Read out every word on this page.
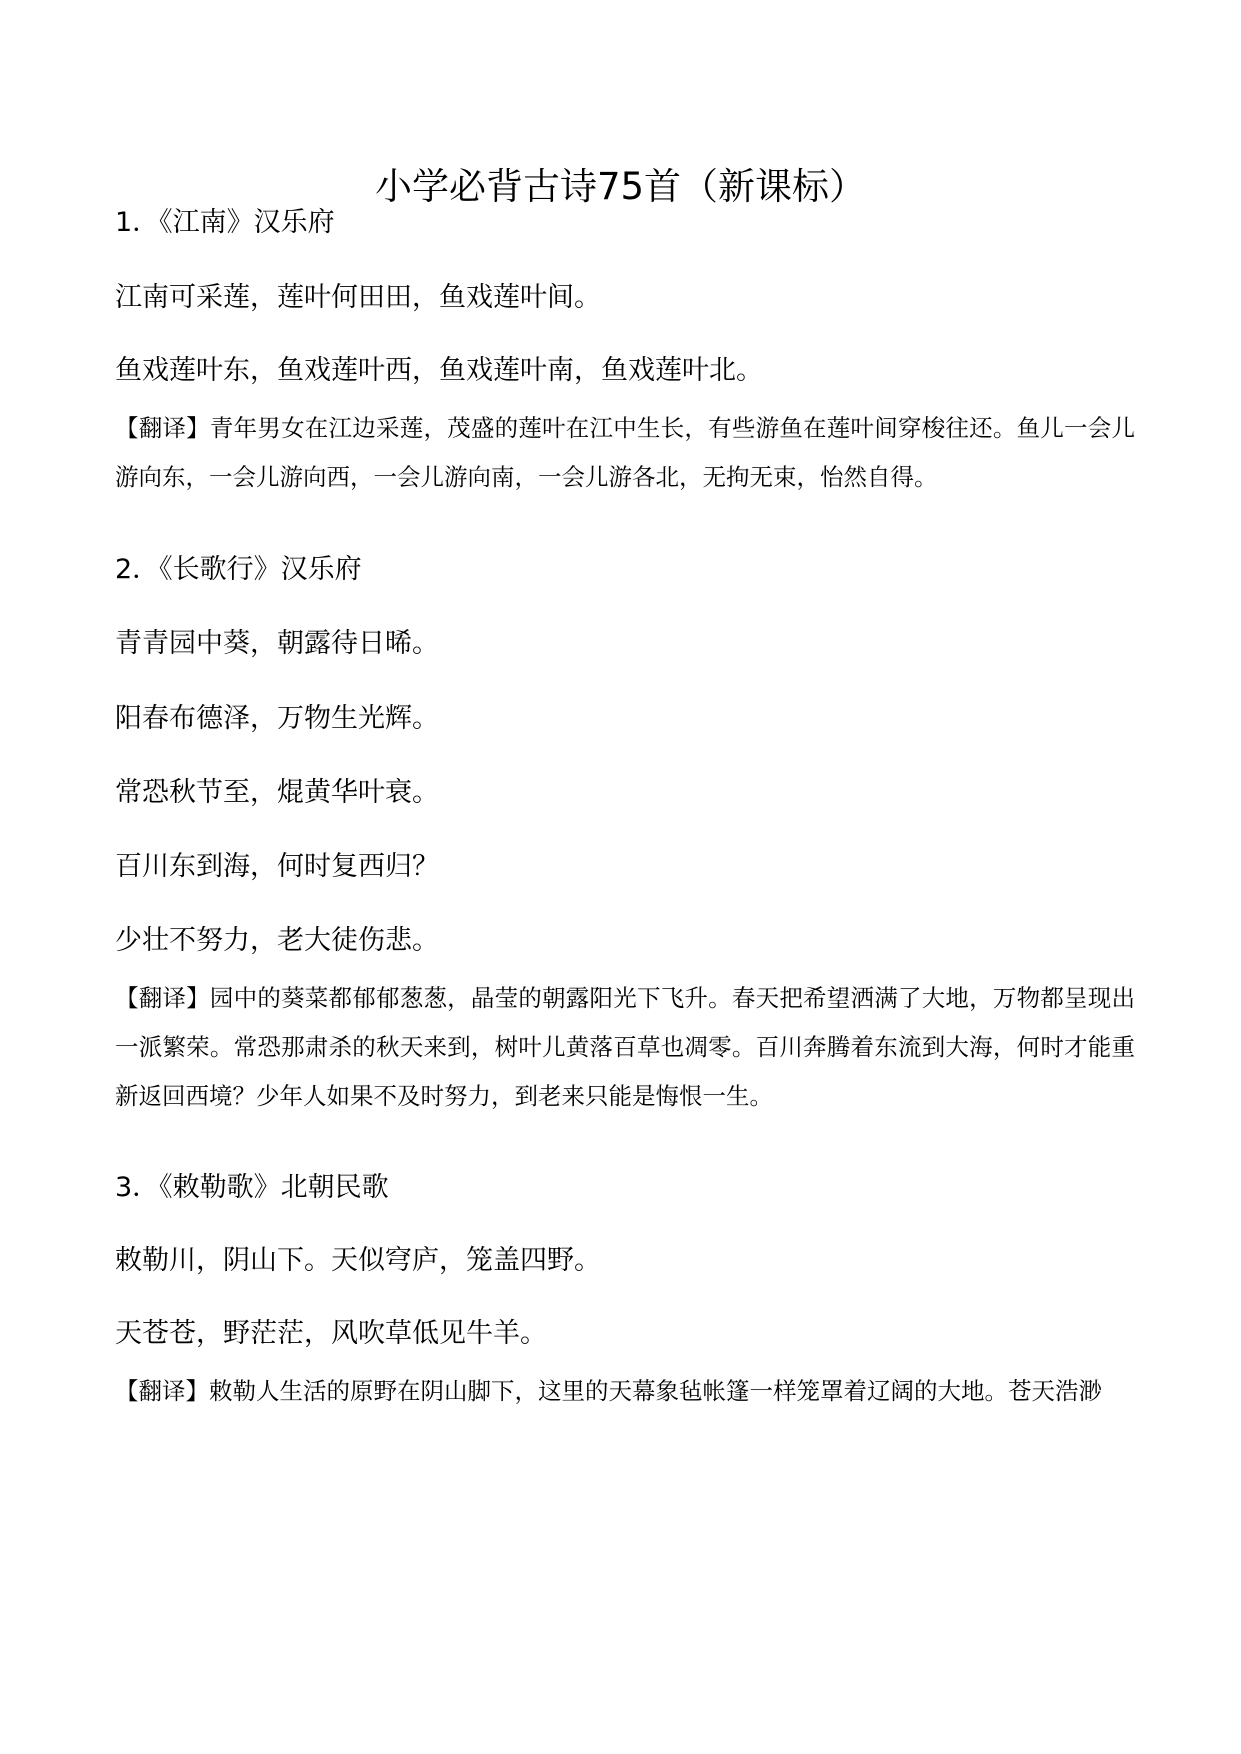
小学必背古诗75首（新课标）
1．《江南》汉乐府

江南可采莲，莲叶何田田，鱼戏莲叶间。

鱼戏莲叶东，鱼戏莲叶西，鱼戏莲叶南，鱼戏莲叶北。

【翻译】青年男女在江边采莲，茂盛的莲叶在江中生长，有些游鱼在莲叶间穿梭往还。鱼儿一会儿游向东，一会儿游向西，一会儿游向南，一会儿游各北，无拘无束，怡然自得。

2．《长歌行》汉乐府

青青园中葵，朝露待日晞。

阳春布德泽，万物生光辉。

常恐秋节至，焜黄华叶衰。

百川东到海，何时复西归？

少壮不努力，老大徒伤悲。

【翻译】园中的葵菜都郁郁葱葱，晶莹的朝露阳光下飞升。春天把希望洒满了大地，万物都呈现出一派繁荣。常恐那肃杀的秋天来到，树叶儿黄落百草也凋零。百川奔腾着东流到大海，何时才能重新返回西境？少年人如果不及时努力，到老来只能是悔恨一生。

3．《敕勒歌》北朝民歌

敕勒川，阴山下。天似穹庐，笼盖四野。

天苍苍，野茫茫，风吹草低见牛羊。

【翻译】敕勒人生活的原野在阴山脚下，这里的天幕象毡帐篷一样笼罩着辽阔的大地。苍天浩渺
